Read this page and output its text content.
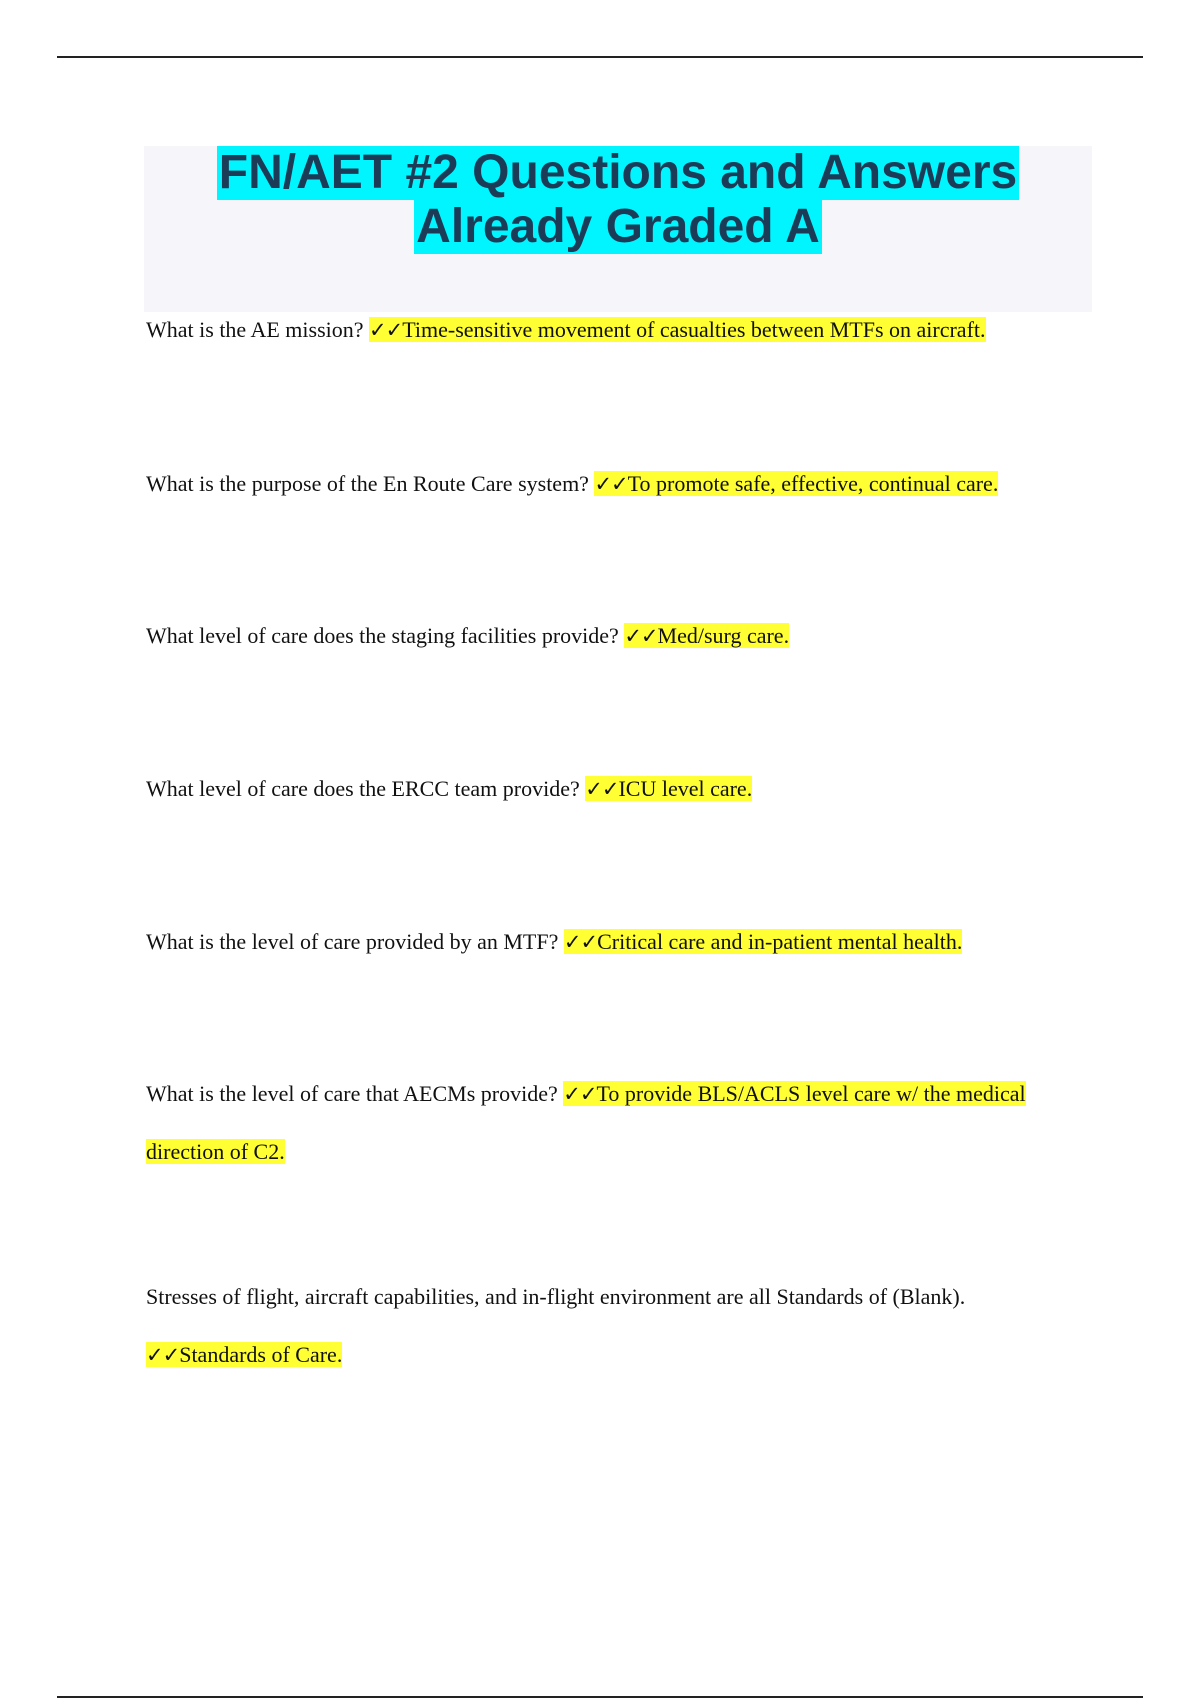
FN/AET #2 Questions and Answers
Already Graded A

What is the AE mission? ✓✓Time-sensitive movement of casualties between MTFs on aircraft.

What is the purpose of the En Route Care system? ✓✓To promote safe, effective, continual care.

What level of care does the staging facilities provide? ✓✓Med/surg care.

What level of care does the ERCC team provide? ✓✓ICU level care.

What is the level of care provided by an MTF? ✓✓Critical care and in-patient mental health.

What is the level of care that AECMs provide? ✓✓To provide BLS/ACLS level care w/ the medical direction of C2.

Stresses of flight, aircraft capabilities, and in-flight environment are all Standards of (Blank).
✓✓Standards of Care.
